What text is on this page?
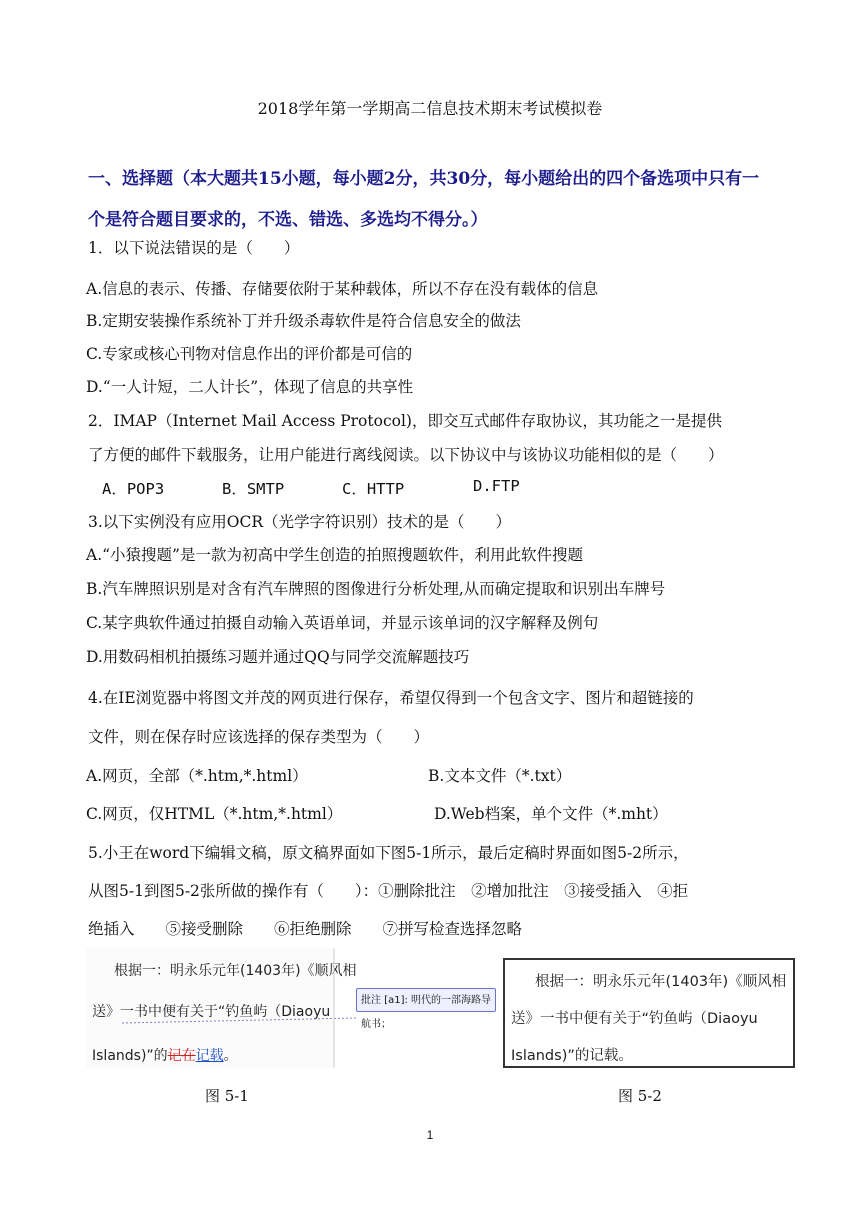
2018学年第一学期高二信息技术期末考试模拟卷
一、选择题（本大题共15小题，每小题2分，共30分，每小题给出的四个备选项中只有一
个是符合题目要求的，不选、错选、多选均不得分。）
1．以下说法错误的是（　　）
A.信息的表示、传播、存储要依附于某种载体，所以不存在没有载体的信息
B.定期安装操作系统补丁并升级杀毒软件是符合信息安全的做法
C.专家或核心刊物对信息作出的评价都是可信的
D.“一人计短，二人计长”，体现了信息的共享性
2．IMAP（Internet Mail Access Protocol)，即交互式邮件存取协议，其功能之一是提供
了方便的邮件下载服务，让用户能进行离线阅读。以下协议中与该协议功能相似的是（　　）
A．POP3	B．SMTP	C．HTTP	D.FTP
3.以下实例没有应用OCR（光学字符识别）技术的是（　　）
A.“小猿搜题”是一款为初高中学生创造的拍照搜题软件，利用此软件搜题
B.汽车牌照识别是对含有汽车牌照的图像进行分析处理,从而确定提取和识别出车牌号
C.某字典软件通过拍摄自动输入英语单词，并显示该单词的汉字解释及例句
D.用数码相机拍摄练习题并通过QQ与同学交流解题技巧
4.在IE浏览器中将图文并茂的网页进行保存，希望仅得到一个包含文字、图片和超链接的
文件，则在保存时应该选择的保存类型为（　　）
A.网页，全部（*.htm,*.html）	B.文本文件（*.txt）
C.网页，仅HTML（*.htm,*.html）	D.Web档案，单个文件（*.mht）
5.小王在word下编辑文稿，原文稿界面如下图5-1所示，最后定稿时界面如图5-2所示，
从图5-1到图5-2张所做的操作有（　　）：①删除批注　②增加批注　③接受插入　④拒
绝插入　　⑤接受删除　　⑥拒绝删除　　⑦拼写检查选择忽略
根据一：明永乐元年(1403年)《顺风相
送》一书中便有关于“钓鱼屿（Diaoyu
Islands)”的记在记载。
批注 [a1]: 明代的一部海路导航书；
图 5-1
根据一：明永乐元年(1403年)《顺风相
送》一书中便有关于“钓鱼屿（Diaoyu
Islands)”的记载。
图 5-2
1
